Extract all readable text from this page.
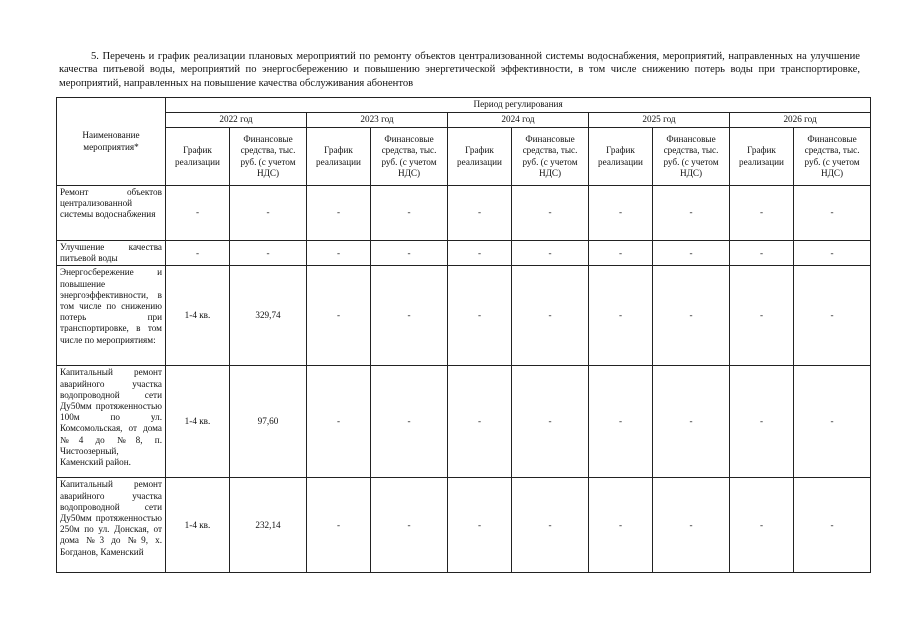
5. Перечень и график реализации плановых мероприятий по ремонту объектов централизованной системы водоснабжения, мероприятий, направленных на улучшение качества питьевой воды, мероприятий по энергосбережению и повышению энергетической эффективности, в том числе снижению потерь воды при транспортировке, мероприятий, направленных на повышение качества обслуживания абонентов

Наименование мероприятия*	Период регулирования									
	2022 год		2023 год		2024 год		2025 год		2026 год	
	График реализации	Финансовые средства, тыс. руб. (с учетом НДС)	График реализации	Финансовые средства, тыс. руб. (с учетом НДС)	График реализации	Финансовые средства, тыс. руб. (с учетом НДС)	График реализации	Финансовые средства, тыс. руб. (с учетом НДС)	График реализации	Финансовые средства, тыс. руб. (с учетом НДС)

Ремонт объектов централизованной системы водоснабжения	-	-	-	-	-	-	-	-	-	-

Улучшение качества питьевой воды	-	-	-	-	-	-	-	-	-	-

Энергосбережение и повышение энергоэффективности, в том числе по снижению потерь при транспортировке, в том числе по мероприятиям:	1-4 кв.	329,74	-	-	-	-	-	-	-	-

Капитальный ремонт аварийного участка водопроводной сети Ду50мм протяженностью 100м по ул. Комсомольская, от дома №4 до №8, п. Чистоозерный, Каменский район.	1-4 кв.	97,60	-	-	-	-	-	-	-	-

Капитальный ремонт аварийного участка водопроводной сети Ду50мм протяженностью 250м по ул. Донская, от дома №3 до №9, х. Богданов, Каменский	1-4 кв.	232,14	-	-	-	-	-	-	-	-
